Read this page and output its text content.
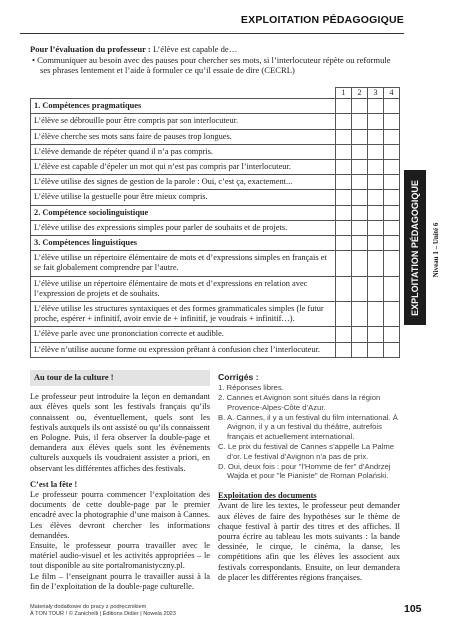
EXPLOITATION PÉDAGOGIQUE
Pour l’évaluation du professeur : L’élève est capable de…
• Communiquer au besoin avec des pauses pour chercher ses mots, si l’interlocuteur répète ou reformule ses phrases lentement et l’aide à formuler ce qu’il essaie de dire (CECRL)
	1	2	3	4
1. Compétences pragmatiques				
L’élève se débrouille pour être compris par son interlocuteur.				
L’élève cherche ses mots sans faire de pauses trop longues.				
L’élève demande de répéter quand il n’a pas compris.				
L’élève est capable d’épeler un mot qui n’est pas compris par l’interlocuteur.				
L’élève utilise des signes de gestion de la parole : Oui, c’est ça, exactement...				
L’élève utilise la gestuelle pour être mieux compris.				
2. Compétence sociolinguistique				
L’élève utilise des expressions simples pour parler de souhaits et de projets.				
3. Compétences linguistiques				
L’élève utilise un répertoire élémentaire de mots et d’expressions simples en français et se fait globalement comprendre par l’autre.				
L’élève utilise un répertoire élémentaire de mots et d’expressions en relation avec l’expression de projets et de souhaits.				
L’élève utilise les structures syntaxiques et des formes grammaticales simples (le futur proche, espérer + infinitif, avoir envie de + infinitif, je voudrais + infinitif…).				
L’élève parle avec une prononciation correcte et audible.				
L’élève n’utilise aucune forme ou expression prêtant à confusion chez l’interlocuteur.				
EXPLOITATION PÉDAGOGIQUE Niveau 1 – Unité 6
Au tour de la culture !

Le professeur peut introduire la leçon en demandant aux élèves quels sont les festivals français qu’ils connaissent ou, éventuellement, quels sont les festivals auxquels ils ont assisté ou qu’ils connaissent en Pologne. Puis, il fera observer la double-page et demandera aux élèves quels sont les évènements culturels auxquels ils voudraient assister a priori, en observant les différentes affiches des festivals.

C’est la fête !

Le professeur pourra commencer l’exploitation des documents de cette double-page par le premier encadré avec la photographie d’une maison à Cannes. Les élèves devront chercher les informations demandées.

Ensuite, le professeur pourra travailler avec le matériel audio-visuel et les activités appropriées – le tout disponible au site portalromanistyczny.pl.

Le film – l’enseignant pourra le travailler aussi à la fin de l’exploitation de la double-page culturelle.

Corrigés :
1. Réponses libres.
2. Cannes et Avignon sont situés dans la région Provence-Alpes-Côte d’Azur.
B. A. Cannes, il y a un festival du film international. À Avignon, il y a un festival du théâtre, autrefois français et actuellement international.
C. Le prix du festival de Cannes s’appelle La Palme d’or. Le festival d’Avignon n’a pas de prix.
D. Oui, deux fois : pour "l’Homme de fer" d’Andrzej Wajda et pour "le Pianiste" de Roman Polański.
Exploitation des documents
Avant de lire les textes, le professeur peut demander aux élèves de faire des hypothèses sur le thème de chaque festival à partir des titres et des affiches. Il pourra écrire au tableau les mots suivants : la bande dessinée, le cirque, le cinéma, la danse, les compétitions afin que les élèves les associent aux festivals correspondants. Ensuite, on leur demandera de placer les différentes régions françaises.
Materiały dodatkowe do pracy z podręcznikiem
À TON TOUR ! © Zanichelli | Éditions Didier | Nowela 2023	105
